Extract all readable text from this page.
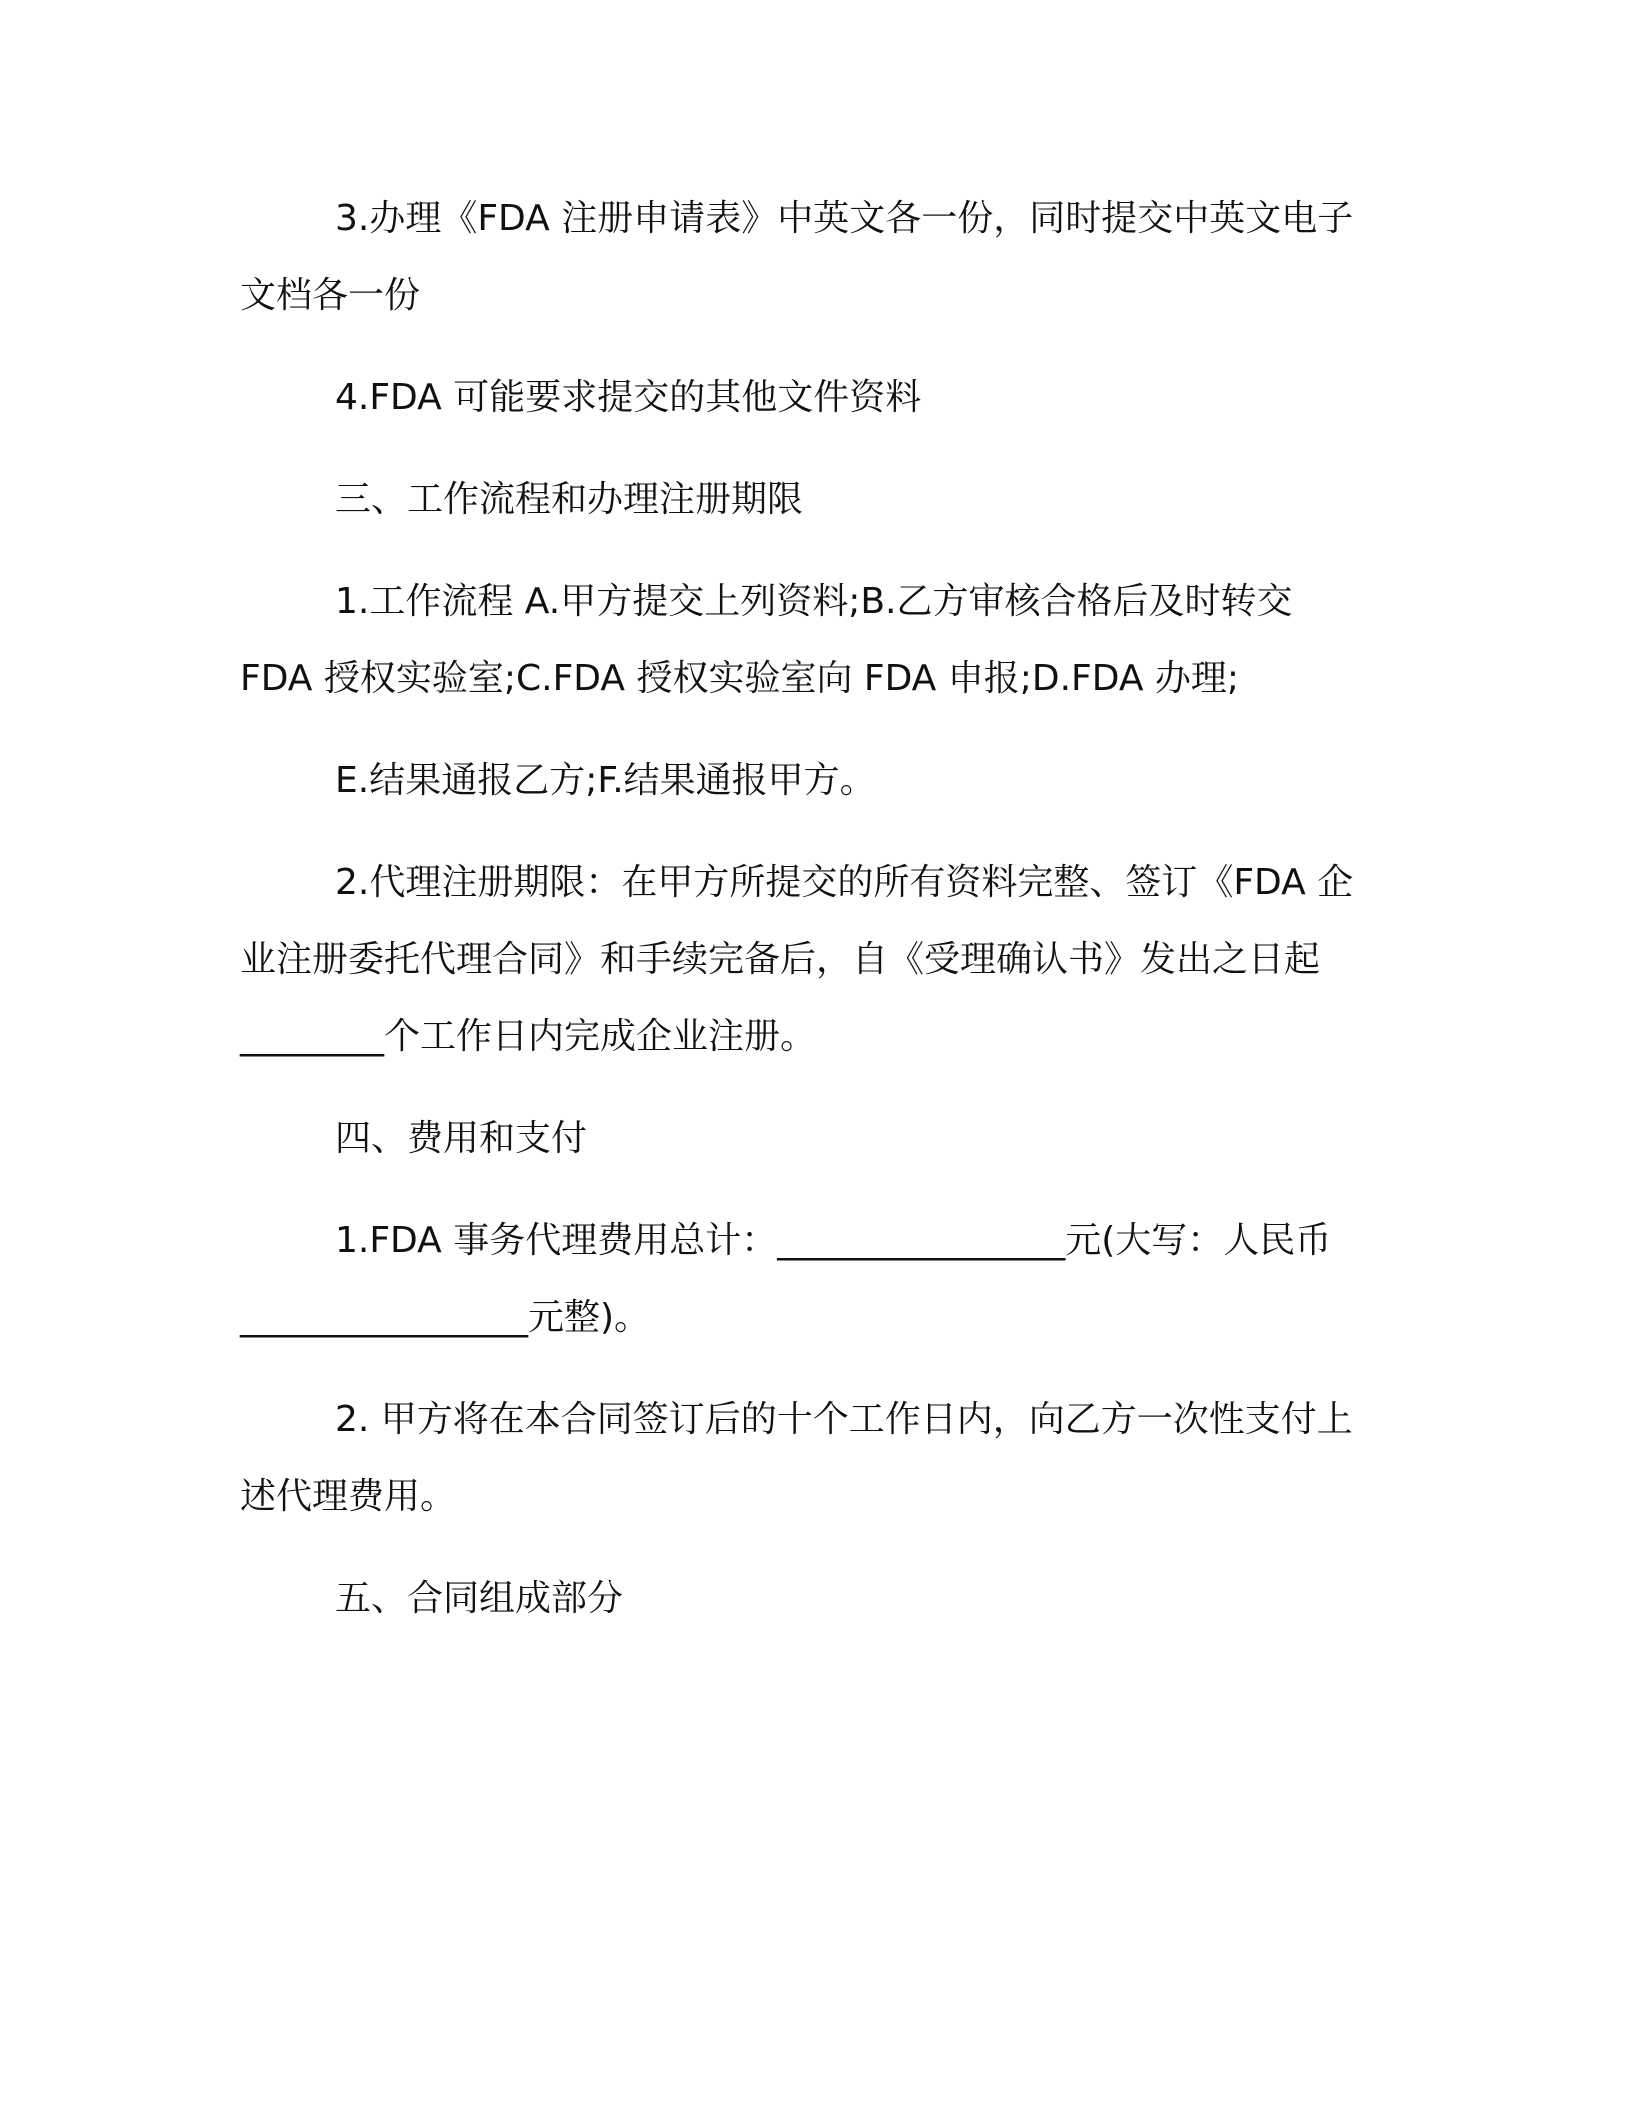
3.办理《FDA 注册申请表》中英文各一份，同时提交中英文电子
文档各一份
4.FDA 可能要求提交的其他文件资料
三、工作流程和办理注册期限
1.工作流程 A.甲方提交上列资料;B.乙方审核合格后及时转交
FDA 授权实验室;C.FDA 授权实验室向 FDA 申报;D.FDA 办理;
E.结果通报乙方;F.结果通报甲方。
2.代理注册期限：在甲方所提交的所有资料完整、签订《FDA 企
业注册委托代理合同》和手续完备后，自《受理确认书》发出之日起
________个工作日内完成企业注册。
四、费用和支付
1.FDA 事务代理费用总计：________________元(大写：人民币
________________元整)。
2. 甲方将在本合同签订后的十个工作日内，向乙方一次性支付上
述代理费用。
五、合同组成部分
